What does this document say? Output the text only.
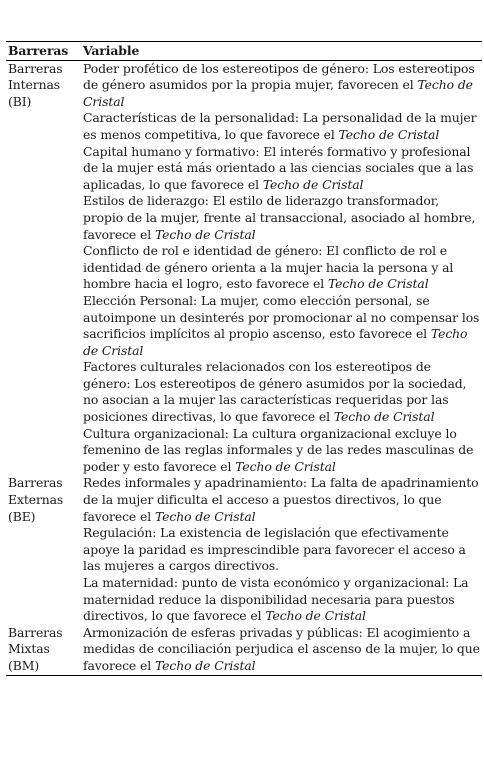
Barreras	Variable
Barreras
Internas
(BI)	Poder profético de los estereotipos de género: Los estereotipos de género asumidos por la propia mujer, favorecen el Techo de Cristal
	Características de la personalidad: La personalidad de la mujer es menos competitiva, lo que favorece el Techo de Cristal
	Capital humano y formativo: El interés formativo y profesional de la mujer está más orientado a las ciencias sociales que a las aplicadas, lo que favorece el Techo de Cristal
	Estilos de liderazgo: El estilo de liderazgo transformador, propio de la mujer, frente al transaccional, asociado al hombre, favorece el Techo de Cristal
	Conflicto de rol e identidad de género: El conflicto de rol e identidad de género orienta a la mujer hacia la persona y al hombre hacia el logro, esto favorece el Techo de Cristal
	Elección Personal: La mujer, como elección personal, se autoimpone un desinterés por promocionar al no compensar los sacrificios implícitos al propio ascenso, esto favorece el Techo de Cristal
	Factores culturales relacionados con los estereotipos de género: Los estereotipos de género asumidos por la sociedad, no asocian a la mujer las características requeridas por las posiciones directivas, lo que favorece el Techo de Cristal
	Cultura organizacional: La cultura organizacional excluye lo femenino de las reglas informales y de las redes masculinas de poder y esto favorece el Techo de Cristal
Barreras
Externas
(BE)	Redes informales y apadrinamiento: La falta de apadrinamiento de la mujer dificulta el acceso a puestos directivos, lo que favorece el Techo de Cristal
	Regulación: La existencia de legislación que efectivamente apoye la paridad es imprescindible para favorecer el acceso a las mujeres a cargos directivos.
	La maternidad: punto de vista económico y organizacional: La maternidad reduce la disponibilidad necesaria para puestos directivos, lo que favorece el Techo de Cristal
Barreras
Mixtas
(BM)	Armonización de esferas privadas y públicas: El acogimiento a medidas de conciliación perjudica el ascenso de la mujer, lo que favorece el Techo de Cristal
